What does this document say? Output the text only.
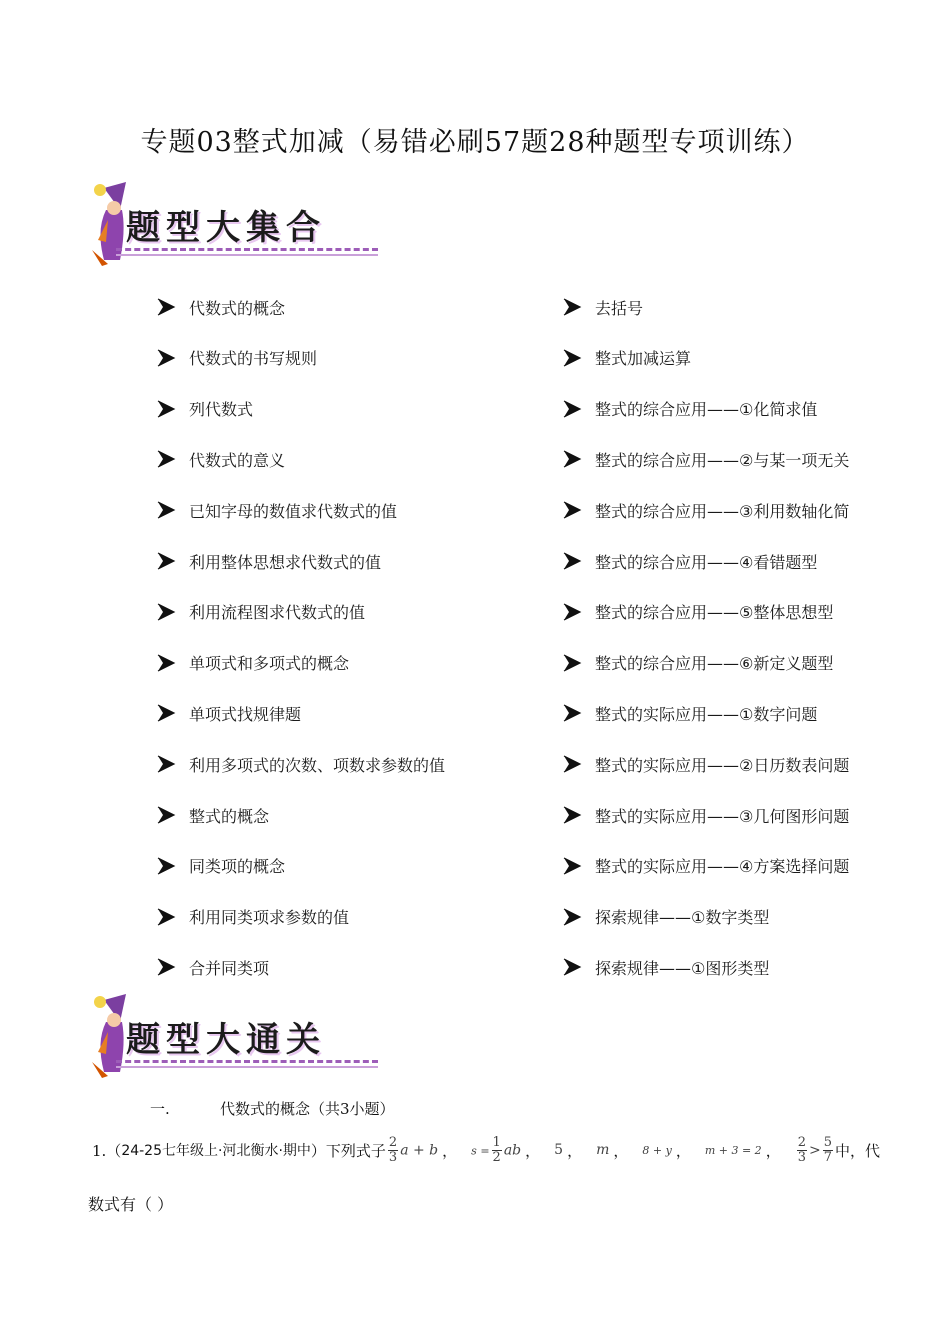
专题03整式加减（易错必刷57题28种题型专项训练）
题型大集合
代数式的概念
代数式的书写规则
列代数式
代数式的意义
已知字母的数值求代数式的值
利用整体思想求代数式的值
利用流程图求代数式的值
单项式和多项式的概念
单项式找规律题
利用多项式的次数、项数求参数的值
整式的概念
同类项的概念
利用同类项求参数的值
合并同类项
去括号
整式加减运算
整式的综合应用——①化简求值
整式的综合应用——②与某一项无关
整式的综合应用——③利用数轴化简
整式的综合应用——④看错题型
整式的综合应用——⑤整体思想型
整式的综合应用——⑥新定义题型
整式的实际应用——①数字问题
整式的实际应用——②日历数表问题
整式的实际应用——③几何图形问题
整式的实际应用——④方案选择问题
探索规律——①数字类型
探索规律——①图形类型
题型大通关
一.	代数式的概念（共3小题）
1.（ 24-25七年级上·河北衡水·期中 ）下列式子 $\frac{2}{3}$ a + b ， $s = \frac{1}{2}$ ab ， 5 ， m ， 8 + y ， m + 3 = 2 ， $\frac{2}{3} > \frac{5}{7}$ 中，代
数式有（ ）
